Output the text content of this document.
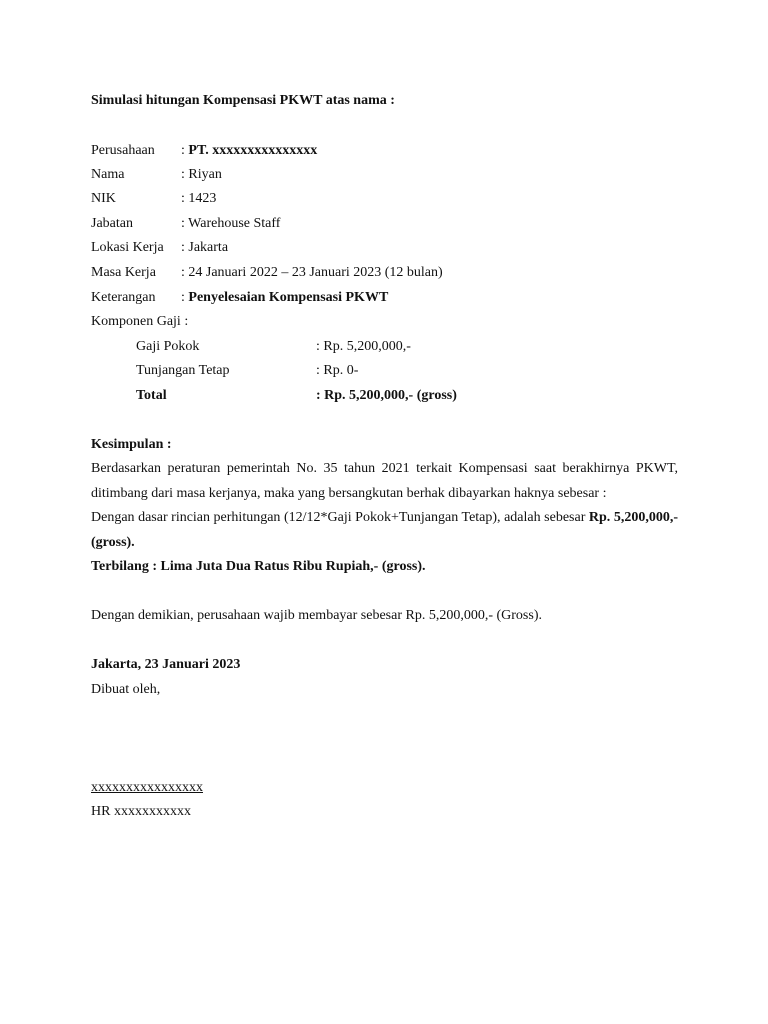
Simulasi hitungan Kompensasi PKWT atas nama :
Perusahaan : PT. xxxxxxxxxxxxxxx
Nama	: Riyan
NIK	: 1423
Jabatan	: Warehouse Staff
Lokasi Kerja : Jakarta
Masa Kerja : 24 Januari 2022 – 23 Januari 2023 (12 bulan)
Keterangan : Penyelesaian Kompensasi PKWT
Komponen Gaji :
Gaji Pokok	: Rp. 5,200,000,-
Tunjangan Tetap	: Rp. 0-
Total	: Rp. 5,200,000,- (gross)
Kesimpulan :
Berdasarkan peraturan pemerintah No. 35 tahun 2021 terkait Kompensasi saat berakhirnya PKWT, ditimbang dari masa kerjanya, maka yang bersangkutan berhak dibayarkan haknya sebesar :
Dengan dasar rincian perhitungan (12/12*Gaji Pokok+Tunjangan Tetap), adalah sebesar Rp. 5,200,000,- (gross).
Terbilang : Lima Juta Dua Ratus Ribu Rupiah,- (gross).
Dengan demikian, perusahaan wajib membayar sebesar Rp. 5,200,000,- (Gross).
Jakarta, 23 Januari 2023
Dibuat oleh,
xxxxxxxxxxxxxxxx
HR xxxxxxxxxxx
